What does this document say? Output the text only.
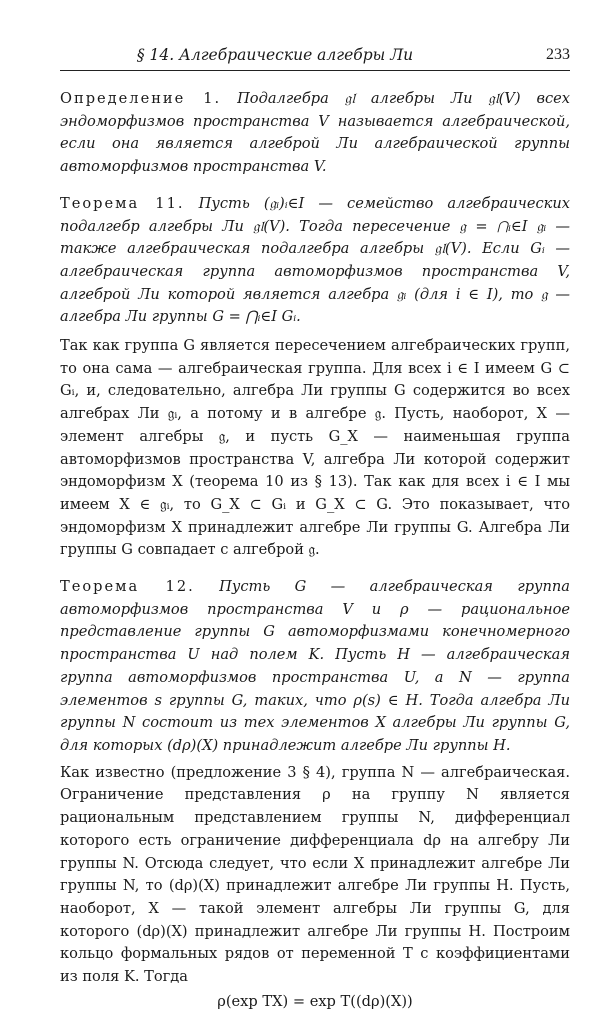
§ 14. Алгебраические алгебры Ли	233

Определение 1. Подалгебра 𝔤𝔩 алгебры Ли 𝔤𝔩(V) всех эндоморфизмов пространства V называется алгебраической, если она является алгеброй Ли алгебраической группы автоморфизмов пространства V.

Теорема 11. Пусть (𝔤ᵢ)ᵢ∈I — семейство алгебраических подалгебр алгебры Ли 𝔤𝔩(V). Тогда пересечение 𝔤 = ⋂ᵢ∈I 𝔤ᵢ — также алгебраическая подалгебра алгебры 𝔤𝔩(V). Если Gᵢ — алгебраическая группа автоморфизмов пространства V, алгеброй Ли которой является алгебра 𝔤ᵢ (для i ∈ I), то 𝔤 — алгебра Ли группы G = ⋂ᵢ∈I Gᵢ.

Так как группа G является пересечением алгебраических групп, то она сама — алгебраическая группа. Для всех i ∈ I имеем G ⊂ Gᵢ, и, следовательно, алгебра Ли группы G содержится во всех алгебрах Ли 𝔤ᵢ, а потому и в алгебре 𝔤. Пусть, наоборот, X — элемент алгебры 𝔤, и пусть G_X — наименьшая группа автоморфизмов пространства V, алгебра Ли которой содержит эндоморфизм X (теорема 10 из § 13). Так как для всех i ∈ I мы имеем X ∈ 𝔤ᵢ, то G_X ⊂ Gᵢ и G_X ⊂ G. Это показывает, что эндоморфизм X принадлежит алгебре Ли группы G. Алгебра Ли группы G совпадает с алгеброй 𝔤.

Теорема 12. Пусть G — алгебраическая группа автоморфизмов пространства V и ρ — рациональное представление группы G автоморфизмами конечномерного пространства U над полем K. Пусть H — алгебраическая группа автоморфизмов пространства U, а N — группа элементов s группы G, таких, что ρ(s) ∈ H. Тогда алгебра Ли группы N состоит из тех элементов X алгебры Ли группы G, для которых (dρ)(X) принадлежит алгебре Ли группы H.

Как известно (предложение 3 § 4), группа N — алгебраическая. Ограничение представления ρ на группу N является рациональным представлением группы N, дифференциал которого есть ограничение дифференциала dρ на алгебру Ли группы N. Отсюда следует, что если X принадлежит алгебре Ли группы N, то (dρ)(X) принадлежит алгебре Ли группы H. Пусть, наоборот, X — такой элемент алгебры Ли группы G, для которого (dρ)(X) принадлежит алгебре Ли группы H. Построим кольцо формальных рядов от переменной T с коэффициентами из поля K. Тогда

ρ(exp TX) = exp T((dρ)(X))
